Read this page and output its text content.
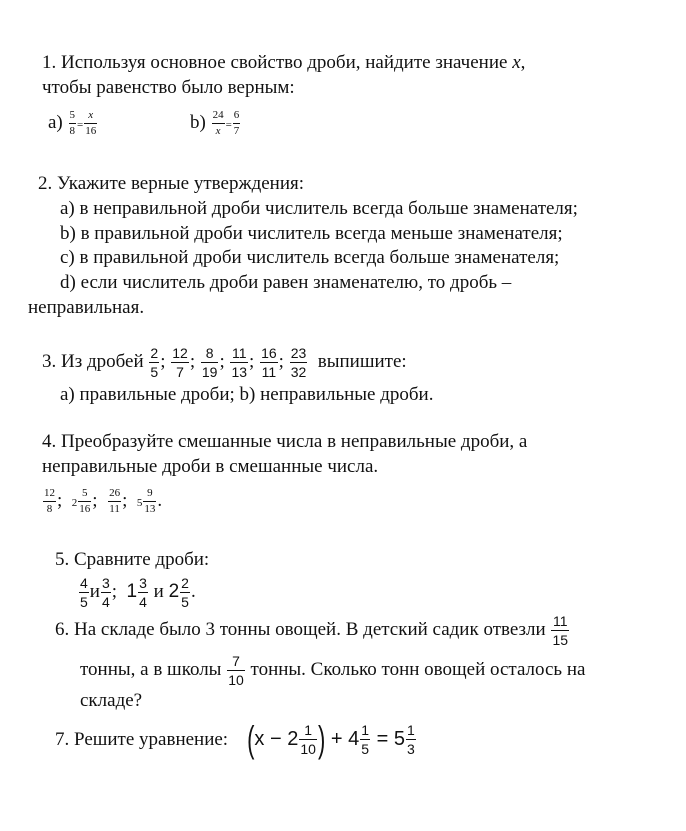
1. Используя основное свойство дроби, найдите значение x,
чтобы равенство было верным:
$a) \frac{5}{8} = \frac{x}{16}$	$b) \frac{24}{x} = \frac{6}{7}$
2. Укажите верные утверждения:
a) в неправильной дроби числитель всегда больше знаменателя;
b) в правильной дроби числитель всегда меньше знаменателя;
c) в правильной дроби числитель всегда больше знаменателя;
d) если числитель дроби равен знаменателю, то дробь –
неправильная.
3. Из дробей $\frac{2}{5}$ ; $\frac{12}{7}$ ; $\frac{8}{19}$ ; $\frac{11}{13}$ ; $\frac{16}{11}$ ; $\frac{23}{32}$ выпишите:
a) правильные дроби; b) неправильные дроби.
4. Преобразуйте смешанные числа в неправильные дроби, а
неправильные дроби в смешанные числа.
$\frac{12}{8}$ ; $2 \frac{5}{16}$ ; $\frac{26}{11}$ ; $5 \frac{9}{13}$ .
5. Сравните дроби:
$\frac{4}{5}$ и $\frac{3}{4}$ ; $1 \frac{3}{4}$ и $2 \frac{2}{5}$ .
6. На складе было 3 тонны овощей. В детский садик отвезли $\frac{11}{15}$
тонны, а в школы $\frac{7}{10}$ тонны. Сколько тонн овощей осталось на
складе?
7. Решите уравнение: ($x - 2 \frac{1}{10}$ ) + $4 \frac{1}{5} = 5 \frac{1}{3}$
